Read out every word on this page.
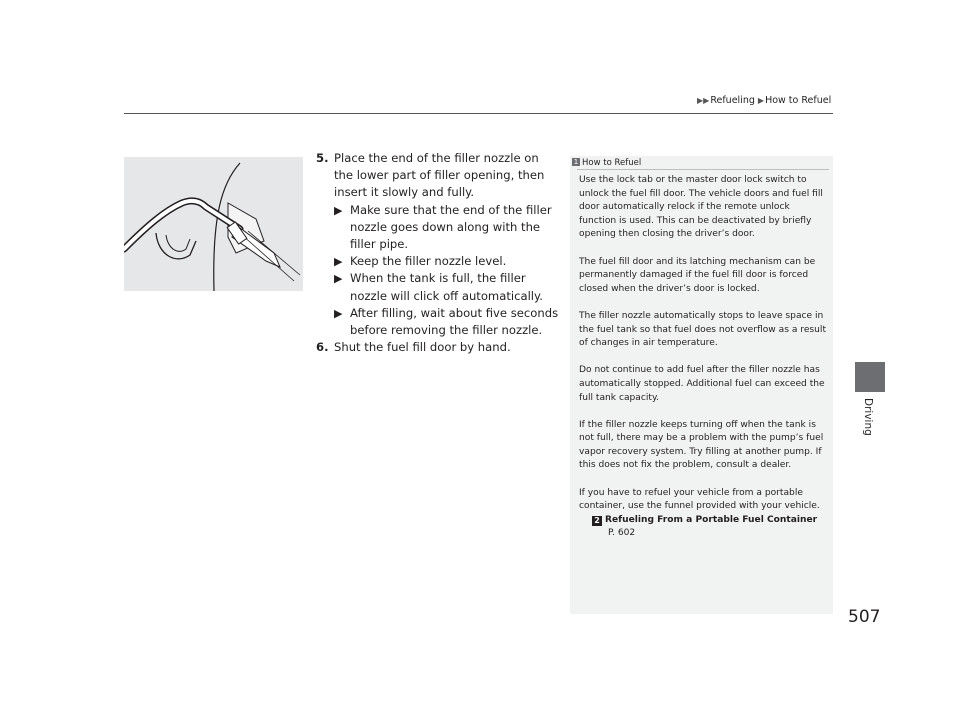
▶▶Refueling ▶How to Refuel
Driving
507
5. Place the end of the filler nozzle on the lower part of filler opening, then insert it slowly and fully.
▶ Make sure that the end of the filler nozzle goes down along with the filler pipe.
▶ Keep the filler nozzle level.
▶ When the tank is full, the filler nozzle will click off automatically.
▶ After filling, wait about five seconds before removing the filler nozzle.
6. Shut the fuel fill door by hand.
1 How to Refuel

Use the lock tab or the master door lock switch to unlock the fuel fill door. The vehicle doors and fuel fill door automatically relock if the remote unlock function is used. This can be deactivated by briefly opening then closing the driver’s door.

The fuel fill door and its latching mechanism can be permanently damaged if the fuel fill door is forced closed when the driver’s door is locked.

The filler nozzle automatically stops to leave space in the fuel tank so that fuel does not overflow as a result of changes in air temperature.

Do not continue to add fuel after the filler nozzle has automatically stopped. Additional fuel can exceed the full tank capacity.

If the filler nozzle keeps turning off when the tank is not full, there may be a problem with the pump’s fuel vapor recovery system. Try filling at another pump. If this does not fix the problem, consult a dealer.

If you have to refuel your vehicle from a portable container, use the funnel provided with your vehicle.

2 Refueling From a Portable Fuel Container
P. 602
